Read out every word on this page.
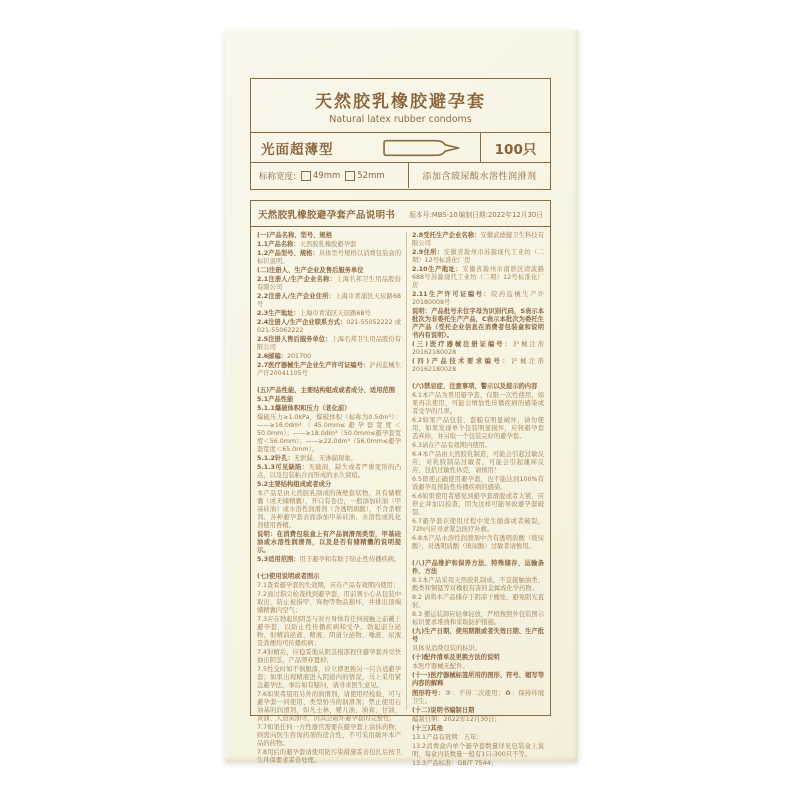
天然胶乳橡胶避孕套
Natural latex rubber condoms
光面超薄型	100只
标称宽度: 49mm 52mm	添加含玻尿酸水溶性润滑剂
天然胶乳橡胶避孕套产品说明书 版本号:MBS-10 编制日期:2022年12月30日

(一)产品名称、型号、规格

1.1产品名称：天然胶乳橡胶避孕套

1.2产品型号、规格：具体型号规格以消费包装盒的标识说明。

(二)注册人、生产企业及售后服务单位

2.1注册人/生产企业名称：上海名邦卫生用品股份有限公司

2.2注册人/生产企业住所：上海市青浦区天辰路68号

2.3生产地址：上海市青浦区天辰路68号

2.4注册人/生产企业联系方式：021-55052222 或021-55062222

2.5注册人售后服务单位：上海名邦卫生用品股份有限公司

2.6邮编：201700

2.7医疗器械生产企业生产许可证编号：沪药监械生产许20041105号

(五)产品性能、主要结构组成或者成分、适用范围

5.1产品性能

5.1.1爆破体积和压力（老化前）

爆破压力≥1.0kPa，爆破体积（标称为0.5dm³）：——≥16.0dm³（45.0mm≤避孕套宽度＜50.0mm）；——≥18.0dm³（50.0mm≤避孕套宽度＜56.0mm）；——≥22.0dm³（56.0mm≤避孕套宽度＜65.0mm）。

5.1.2针孔：无泄漏、无渗漏现象。

5.1.3可见缺陷：无破洞、缺失或者严重变形的凸点，以及包装粘合而形成的永久窝痕。

5.2主要结构组成或者成分

本产品是由天然胶乳制成的薄壁套状物，具有储精囊（或无储精囊），开口有卷边，一般添加硅油（甲基硅油）或水溶性润滑剂（含透明质酸），不含杀精剂。各种避孕套表面添加甲基硅油、水溶性或乳化剂使用香精。

说明：在消费包装盒上有产品润滑剂类型，甲基硅油或水溶性润滑剂，以及是否有储精囊的说明提示。

5.3适用范围：用于避孕和有助于防止性传播疾病。

(七)使用说明或者图示

7.1查看避孕套的失效期，应在产品有效期内使用；

7.2通过指尖检查找到避孕套，用前须小心从包装中取出，防止被指甲、饰物等物品损坏，并排出顶端储精囊内空气；

7.3应在勃起的阴茎与对方身体有任何接触之前戴上避孕套，以防止性传播疾病和受孕。勃起前分泌物、射精前泌液、精液、阴道分泌物、唾液、尿液及粪便均可传播疾病；

7.4射精后，应稳妥地从阴茎根部捏住避孕套并尽快抽出阴茎，产品须弃置掉；

7.5性交时如不慎脱落，应立即更换另一只合适避孕套；如果出现精液进入阴道内的情况，马上采用紧急避孕法，事后如有疑问，请寻求医生意见。

7.6如果希望用另外的润滑剂，请使用经检验、可与避孕套一同使用、类型恰当的润滑剂；禁止使用石油基的润滑剂，如凡士林、婴儿油、油膏、甘油、黄油、人造黄油等，因其会破坏避孕套的完整性；

7.7如果任何一方性器官需要在避孕套上涂抹药物，则需向医生咨询药剂的适合性，不可采用破坏本产品的药物。

7.8用后的避孕套请使用防污染措施妥善包扎后按卫生环保要求妥善处理。

2.8受托生产企业名称：安徽武德健卫生科技有限公司

2.9住所：安徽省滁州市苏滁现代工业坊（二期）12号标准化厂房

2.10生产地址：安徽省滁州市南谯区清流路688号苏滁现代工业坊（二期）12号标准化厂房

2.11生产许可证编号：皖药监械生产许20180008号

说明：产品批号末位字母为识别代码，S表示本批次为非委托生产产品，C表示本批次为委托生产产品（受托企业信息在消费者包装盒和说明书内有说明）。

(三)医疗器械注册证编号：沪械注准20162180028

(四)产品技术要求编号：沪械注准20162180028

(六)禁忌症、注意事项、警示以及提示的内容

6.1本产品为男用避孕套，仅限一次性使用，如果再次使用，可能会增加性传播疾病的感染或者受孕的几率。

6.2如果产品包装、套膜有明显破坏，请勿使用，如果发现单个包装明显损坏，应将避孕套丢弃掉，并另取一个包装完好的避孕套。

6.3请在产品有效期内使用。

6.4本产品由天然胶乳制造，可能会引起过敏反应，对乳胶制品过敏者，可能会引起瘙痒反应，包括过敏性休克，请慎用！

6.5即使正确使用避孕套，也不能达到100%有效避孕及预防性传播疾病的感染。

6.6如果使用者感觉到避孕套滑脱或者太紧，应停止并加以检查，因为这样可能导致避孕套破裂。

6.7避孕套在使用过程中发生脱落或者破裂，72h内应寻求紧急医疗补救。

6.8本产品水溶性润滑剂中含有透明质酸（玻尿酸），对透明质酸（玻尿酸）过敏者请慎用。

(八)产品维护和保养方法、特殊储存、运输条件、方法

8.1本产品采用天然胶乳制成，不宜接触油类、酸类和铜锰等对橡胶有害的金属或化学药物。

8.2 请将本产品储存于阴凉干燥处，避免阳光直射。

8.3 搬运装卸应轻拿轻放，严格按照外包装图示标识要求堆放和采取防护措施。

(九)生产日期、使用期限或者失效日期、生产批号

具体见消费包装的标识。

(十)配件清单及更换方法的说明

本医疗器械无配件。

(十一)医疗器械标签所用的图形、符号、缩写等内容的解释

图形符号：②：不得二次使用；♻：保持环境卫生。

(十二)说明书编制日期

编制日期：2022年12月30日；

(十三)其他

13.1产品有效期：五年；

13.2消费盒内单个避孕套数量详见包装盒上说明，每盒内装数量一般有1只-300只不等。

13.3产品标准：GB/T 7544；
